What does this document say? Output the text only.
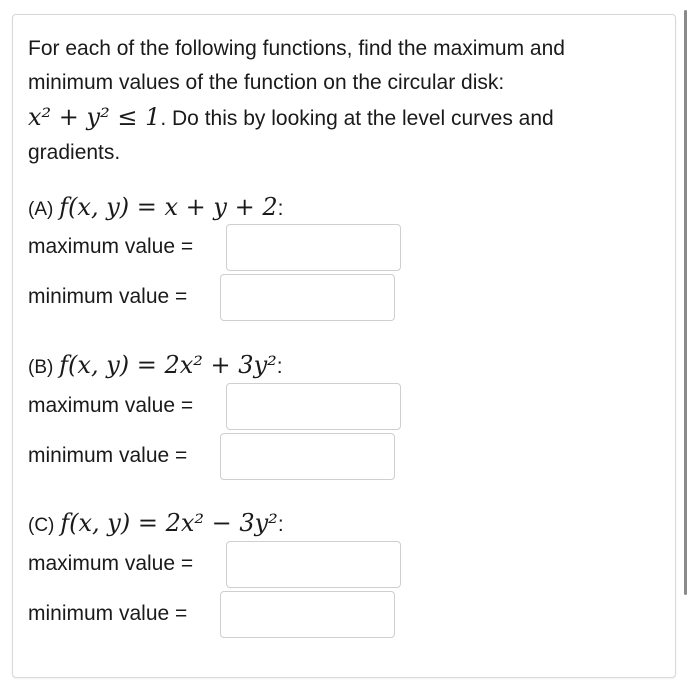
For each of the following functions, find the maximum and
minimum values of the function on the circular disk:
x² + y² ≤ 1. Do this by looking at the level curves and
gradients.
(A) f(x, y) = x + y + 2:
maximum value =
minimum value =
(B) f(x, y) = 2x² + 3y²:
maximum value =
minimum value =
(C) f(x, y) = 2x² − 3y²:
maximum value =
minimum value =
